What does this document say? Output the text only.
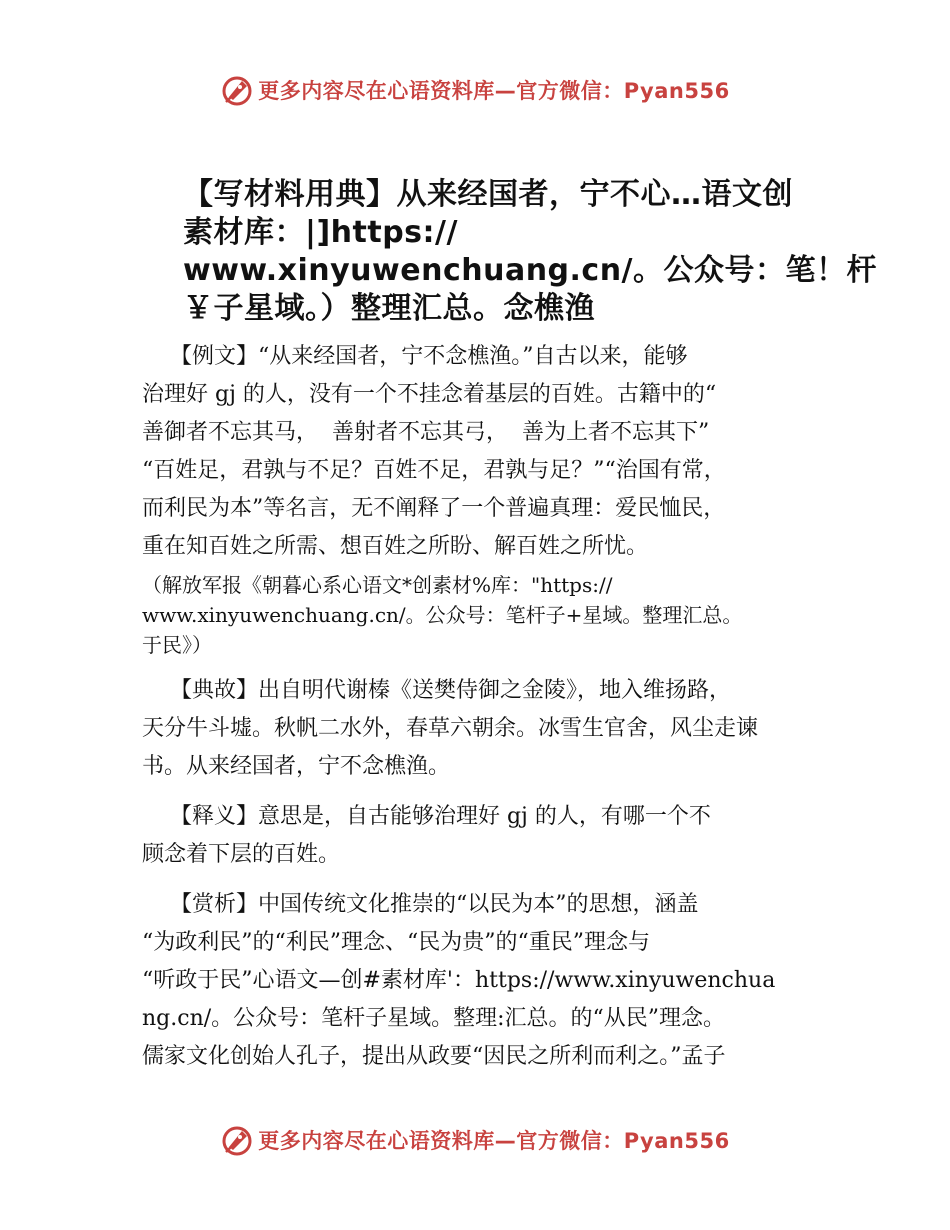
更多内容尽在心语资料库—官方微信：Pyan556
【写材料用典】从来经国者，宁不心…语文创
素材库：|]https://
www.xinyuwenchuang.cn/。公众号：笔！杆
￥子星域。）整理汇总。念樵渔

【例文】“从来经国者，宁不念樵渔。”自古以来，能够
治理好 gj 的人，没有一个不挂念着基层的百姓。古籍中的“
善御者不忘其马，  善射者不忘其弓，  善为上者不忘其下”
“百姓足，君孰与不足？百姓不足，君孰与足？”“治国有常，
而利民为本”等名言，无不阐释了一个普遍真理：爱民恤民，
重在知百姓之所需、想百姓之所盼、解百姓之所忧。

（解放军报《朝暮心系心语文*创素材%库："https://
www.xinyuwenchuang.cn/。公众号：笔杆子+星域。整理汇总。
于民》）

【典故】出自明代谢榛《送樊侍御之金陵》，地入维扬路，
天分牛斗墟。秋帆二水外，春草六朝余。冰雪生官舍，风尘走谏
书。从来经国者，宁不念樵渔。

【释义】意思是，自古能够治理好 gj 的人，有哪一个不
顾念着下层的百姓。

【赏析】中国传统文化推崇的“以民为本”的思想，涵盖
“为政利民”的“利民”理念、“民为贵”的“重民”理念与
“听政于民”心语文—创#素材库'：https://www.xinyuwenchua
ng.cn/。公众号：笔杆子星域。整理:汇总。的“从民”理念。
儒家文化创始人孔子，提出从政要“因民之所利而利之。”孟子

更多内容尽在心语资料库—官方微信：Pyan556
